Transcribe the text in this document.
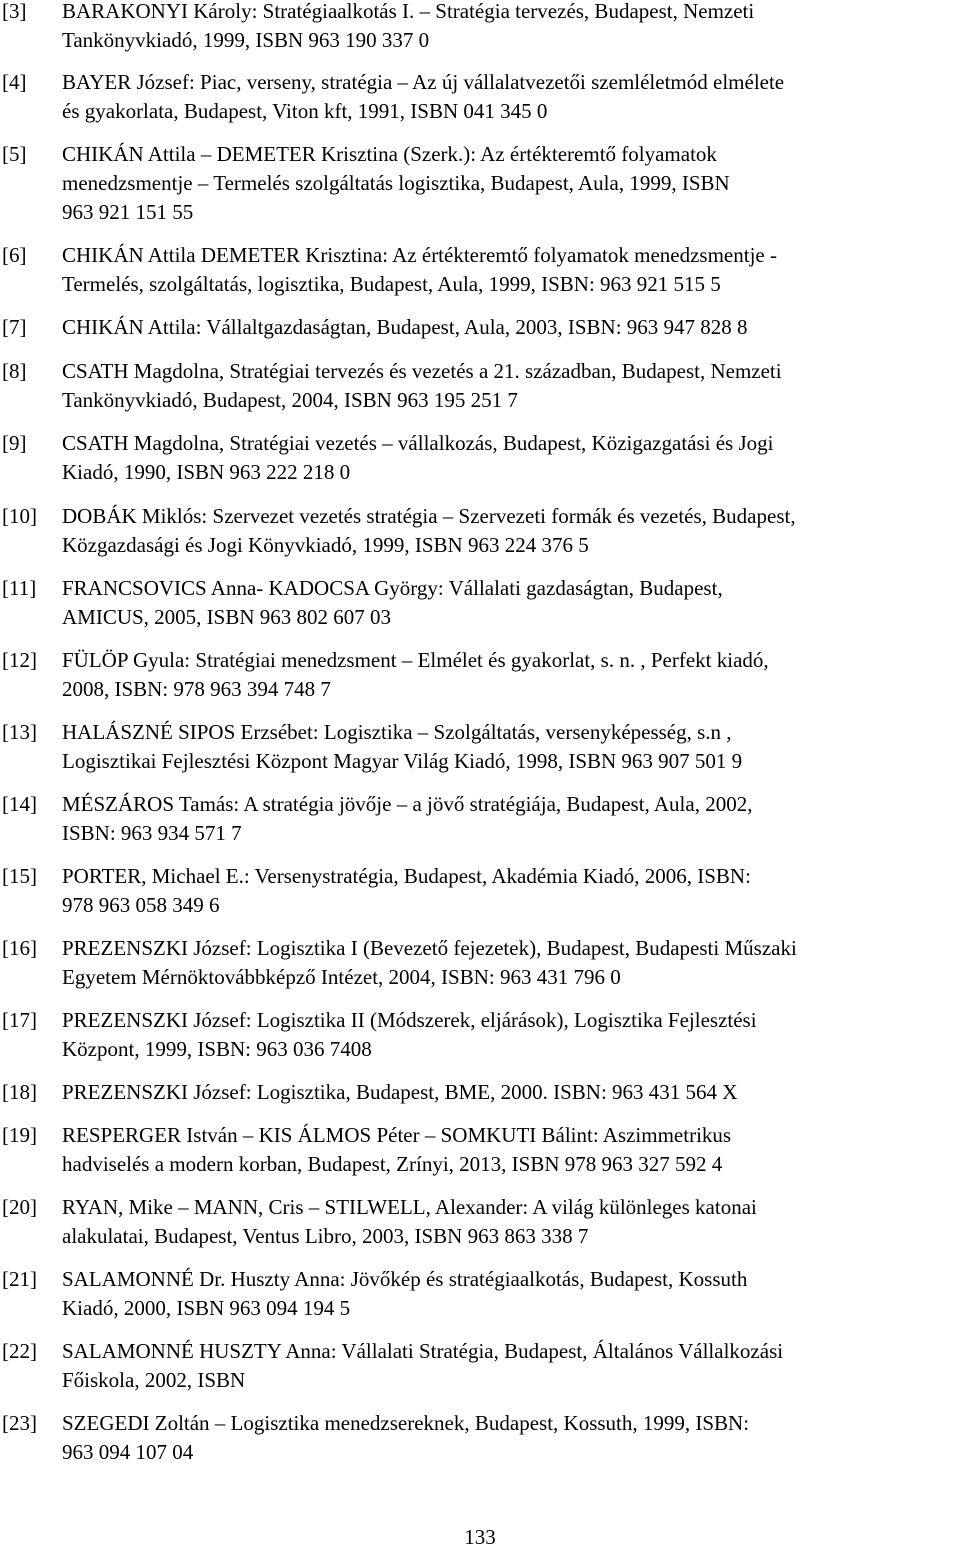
[3] BARAKONYI Károly: Stratégiaalkotás I. – Stratégia tervezés, Budapest, Nemzeti
Tankönyvkiadó, 1999, ISBN 963 190 337 0
[4] BAYER József: Piac, verseny, stratégia – Az új vállalatvezetői szemléletmód elmélete
és gyakorlata, Budapest, Viton kft, 1991, ISBN 041 345 0
[5] CHIKÁN Attila – DEMETER Krisztina (Szerk.): Az értékteremtő folyamatok
menedzsmentje – Termelés szolgáltatás logisztika, Budapest, Aula, 1999, ISBN
963 921 151 55
[6] CHIKÁN Attila DEMETER Krisztina: Az értékteremtő folyamatok menedzsmentje -
Termelés, szolgáltatás, logisztika, Budapest, Aula, 1999, ISBN: 963 921 515 5
[7] CHIKÁN Attila: Vállaltgazdaságtan, Budapest, Aula, 2003, ISBN: 963 947 828 8
[8] CSATH Magdolna, Stratégiai tervezés és vezetés a 21. században, Budapest, Nemzeti
Tankönyvkiadó, Budapest, 2004, ISBN 963 195 251 7
[9] CSATH Magdolna, Stratégiai vezetés – vállalkozás, Budapest, Közigazgatási és Jogi
Kiadó, 1990, ISBN 963 222 218 0
[10] DOBÁK Miklós: Szervezet vezetés stratégia – Szervezeti formák és vezetés, Budapest,
Közgazdasági és Jogi Könyvkiadó, 1999, ISBN 963 224 376 5
[11] FRANCSOVICS Anna- KADOCSA György: Vállalati gazdaságtan, Budapest,
AMICUS, 2005, ISBN 963 802 607 03
[12] FÜLÖP Gyula: Stratégiai menedzsment – Elmélet és gyakorlat, s. n. , Perfekt kiadó,
2008, ISBN: 978 963 394 748 7
[13] HALÁSZNÉ SIPOS Erzsébet: Logisztika – Szolgáltatás, versenyképesség, s.n ,
Logisztikai Fejlesztési Központ Magyar Világ Kiadó, 1998, ISBN 963 907 501 9
[14] MÉSZÁROS Tamás: A stratégia jövője – a jövő stratégiája, Budapest, Aula, 2002,
ISBN: 963 934 571 7
[15] PORTER, Michael E.: Versenystratégia, Budapest, Akadémia Kiadó, 2006, ISBN:
978 963 058 349 6
[16] PREZENSZKI József: Logisztika I (Bevezető fejezetek), Budapest, Budapesti Műszaki
Egyetem Mérnöktovábbképző Intézet, 2004, ISBN: 963 431 796 0
[17] PREZENSZKI József: Logisztika II (Módszerek, eljárások), Logisztika Fejlesztési
Központ, 1999, ISBN: 963 036 7408
[18] PREZENSZKI József: Logisztika, Budapest, BME, 2000. ISBN: 963 431 564 X
[19] RESPERGER István – KIS ÁLMOS Péter – SOMKUTI Bálint: Aszimmetrikus
hadviselés a modern korban, Budapest, Zrínyi, 2013, ISBN 978 963 327 592 4
[20] RYAN, Mike – MANN, Cris – STILWELL, Alexander: A világ különleges katonai
alakulatai, Budapest, Ventus Libro, 2003, ISBN 963 863 338 7
[21] SALAMONNÉ Dr. Huszty Anna: Jövőkép és stratégiaalkotás, Budapest, Kossuth
Kiadó, 2000, ISBN 963 094 194 5
[22] SALAMONNÉ HUSZTY Anna: Vállalati Stratégia, Budapest, Általános Vállalkozási
Főiskola, 2002, ISBN
[23] SZEGEDI Zoltán – Logisztika menedzsereknek, Budapest, Kossuth, 1999, ISBN:
963 094 107 04
133
